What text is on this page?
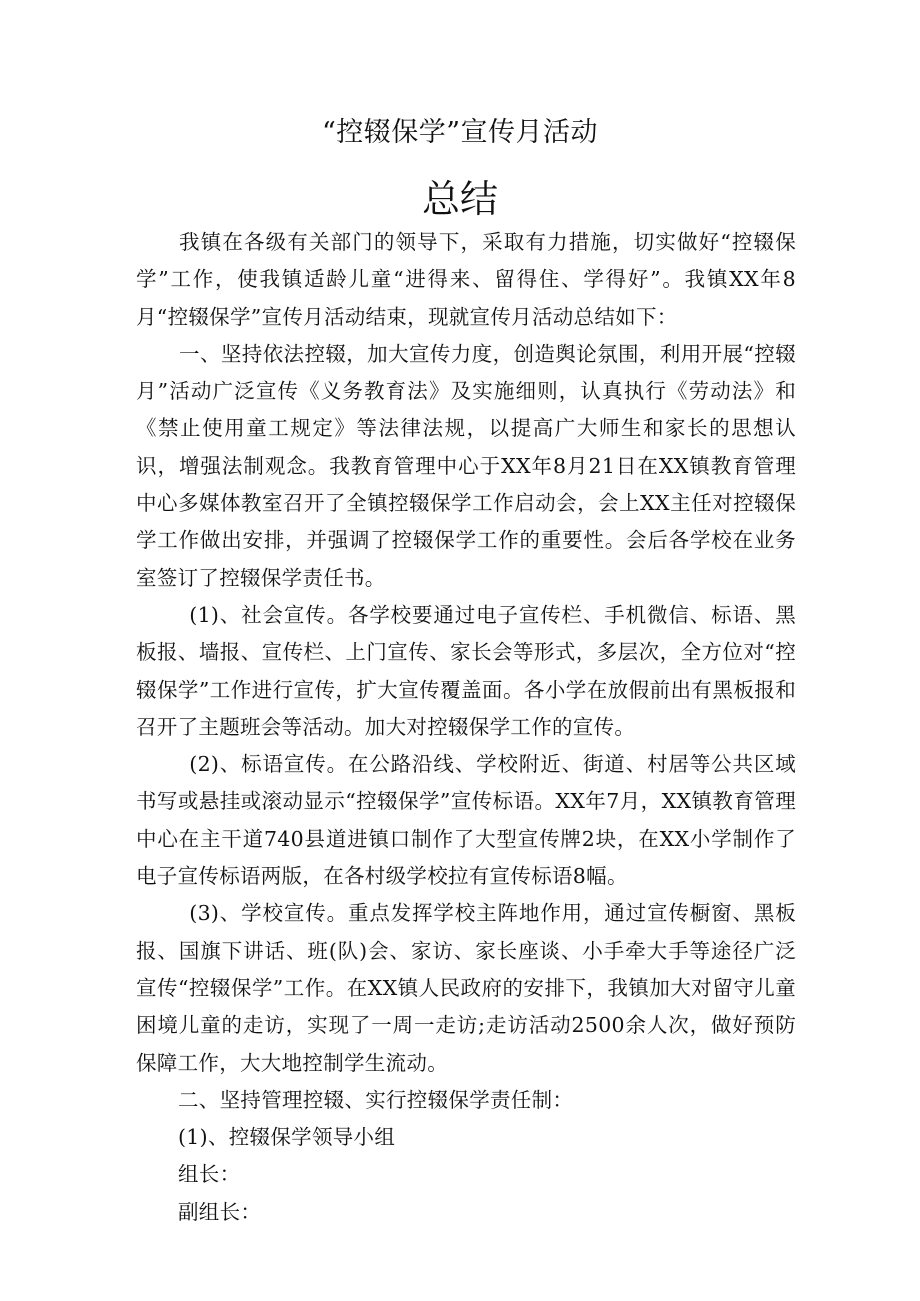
“控辍保学”宣传月活动
总结

我镇在各级有关部门的领导下，采取有力措施，切实做好“控辍保学”工作，使我镇适龄儿童“进得来、留得住、学得好”。我镇XX年8月“控辍保学”宣传月活动结束，现就宣传月活动总结如下：

一、坚持依法控辍，加大宣传力度，创造舆论氛围，利用开展“控辍月”活动广泛宣传《义务教育法》及实施细则，认真执行《劳动法》和《禁止使用童工规定》等法律法规，以提高广大师生和家长的思想认识，增强法制观念。我教育管理中心于XX年8月21日在XX镇教育管理中心多媒体教室召开了全镇控辍保学工作启动会，会上XX主任对控辍保学工作做出安排，并强调了控辍保学工作的重要性。会后各学校在业务室签订了控辍保学责任书。

(1)、社会宣传。各学校要通过电子宣传栏、手机微信、标语、黑板报、墙报、宣传栏、上门宣传、家长会等形式，多层次，全方位对“控辍保学”工作进行宣传，扩大宣传覆盖面。各小学在放假前出有黑板报和召开了主题班会等活动。加大对控辍保学工作的宣传。

(2)、标语宣传。在公路沿线、学校附近、街道、村居等公共区域书写或悬挂或滚动显示“控辍保学”宣传标语。XX年7月，XX镇教育管理中心在主干道740县道进镇口制作了大型宣传牌2块，在XX小学制作了电子宣传标语两版，在各村级学校拉有宣传标语8幅。

(3)、学校宣传。重点发挥学校主阵地作用，通过宣传橱窗、黑板报、国旗下讲话、班(队)会、家访、家长座谈、小手牵大手等途径广泛宣传“控辍保学”工作。在XX镇人民政府的安排下，我镇加大对留守儿童困境儿童的走访，实现了一周一走访;走访活动2500余人次，做好预防保障工作，大大地控制学生流动。

二、坚持管理控辍、实行控辍保学责任制：

(1)、控辍保学领导小组

组长：

副组长：
